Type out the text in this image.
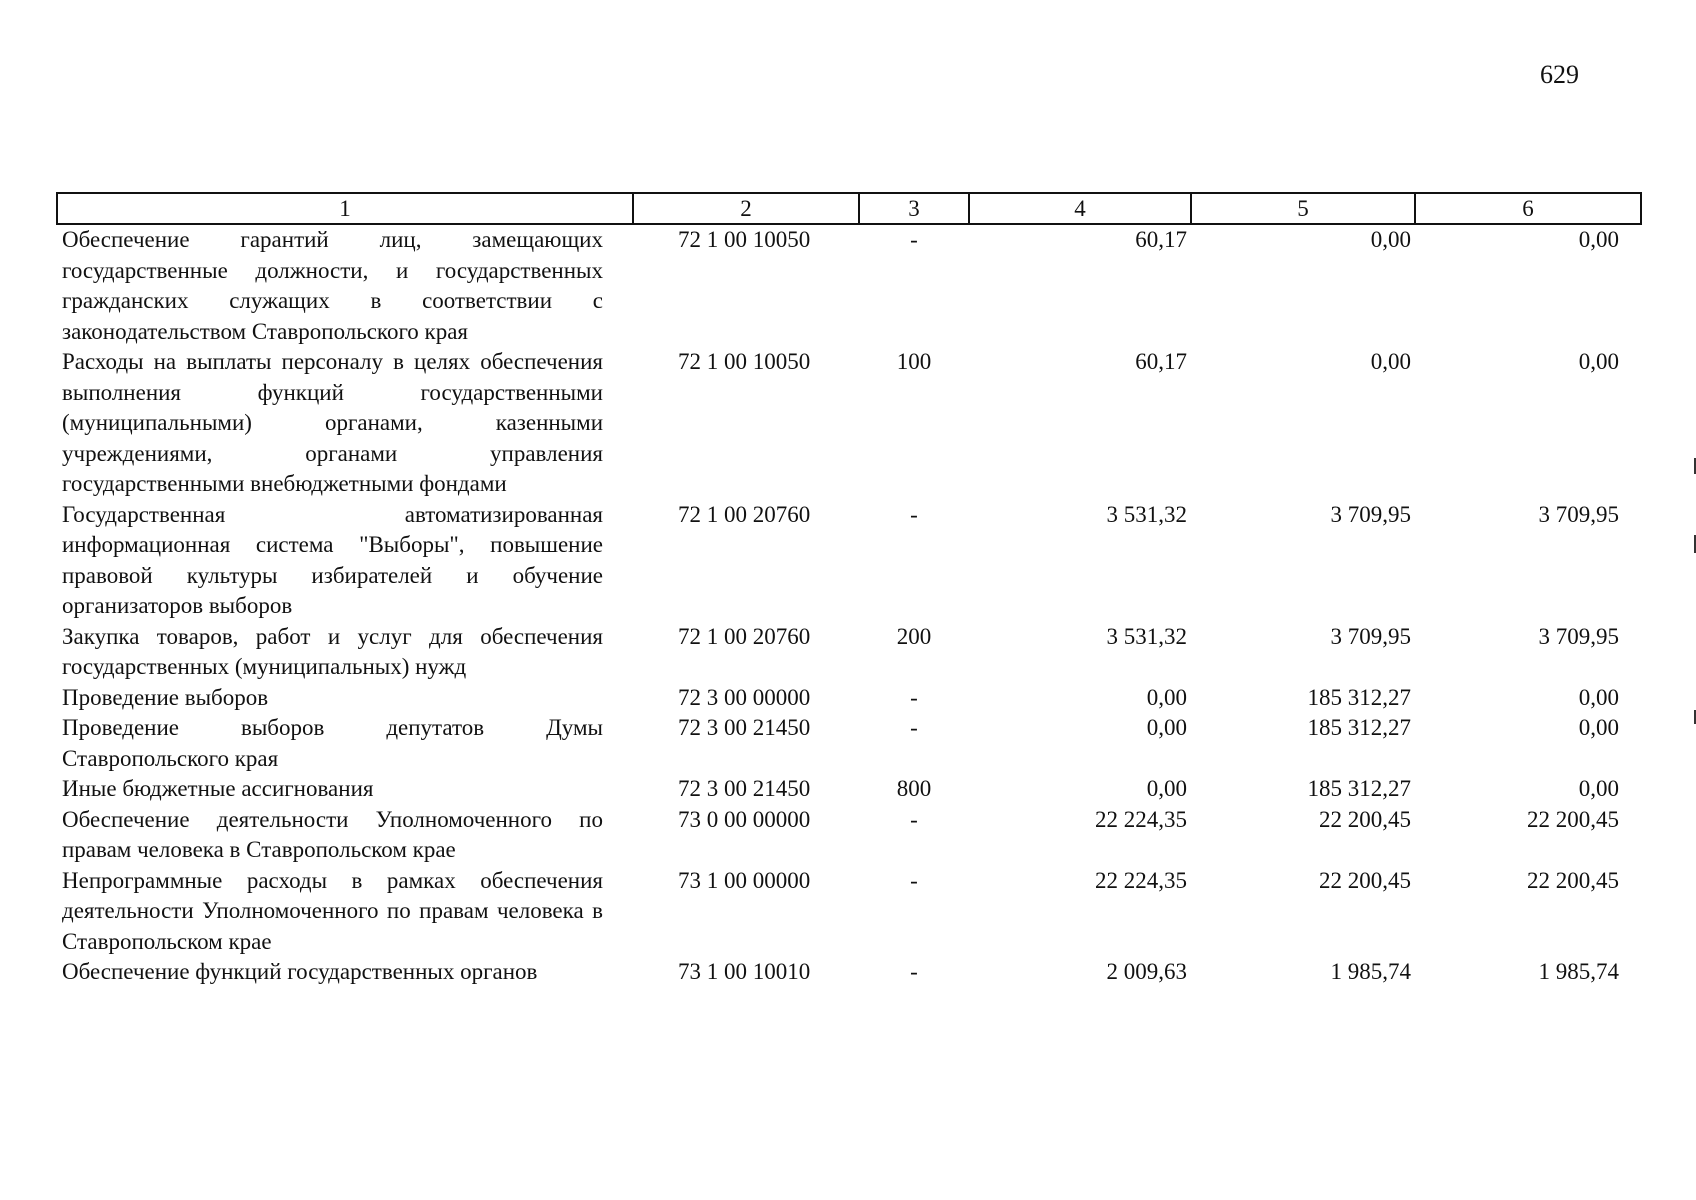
629
1	2	3	4	5	6
Обеспечение гарантий лиц, замещающих государственные должности, и государственных гражданских служащих в соответствии с законодательством Ставропольского края	72 1 00 10050	-	60,17	0,00	0,00
Расходы на выплаты персоналу в целях обеспечения выполнения функций государственными (муниципальными) органами, казенными учреждениями, органами управления государственными внебюджетными фондами	72 1 00 10050	100	60,17	0,00	0,00
Государственная автоматизированная информационная система "Выборы", повышение правовой культуры избирателей и обучение организаторов выборов	72 1 00 20760	-	3 531,32	3 709,95	3 709,95
Закупка товаров, работ и услуг для обеспечения государственных (муниципальных) нужд	72 1 00 20760	200	3 531,32	3 709,95	3 709,95
Проведение выборов	72 3 00 00000	-	0,00	185 312,27	0,00
Проведение выборов депутатов Думы Ставропольского края	72 3 00 21450	-	0,00	185 312,27	0,00
Иные бюджетные ассигнования	72 3 00 21450	800	0,00	185 312,27	0,00
Обеспечение деятельности Уполномоченного по правам человека в Ставропольском крае	73 0 00 00000	-	22 224,35	22 200,45	22 200,45
Непрограммные расходы в рамках обеспечения деятельности Уполномоченного по правам человека в Ставропольском крае	73 1 00 00000	-	22 224,35	22 200,45	22 200,45
Обеспечение функций государственных органов	73 1 00 10010	-	2 009,63	1 985,74	1 985,74
